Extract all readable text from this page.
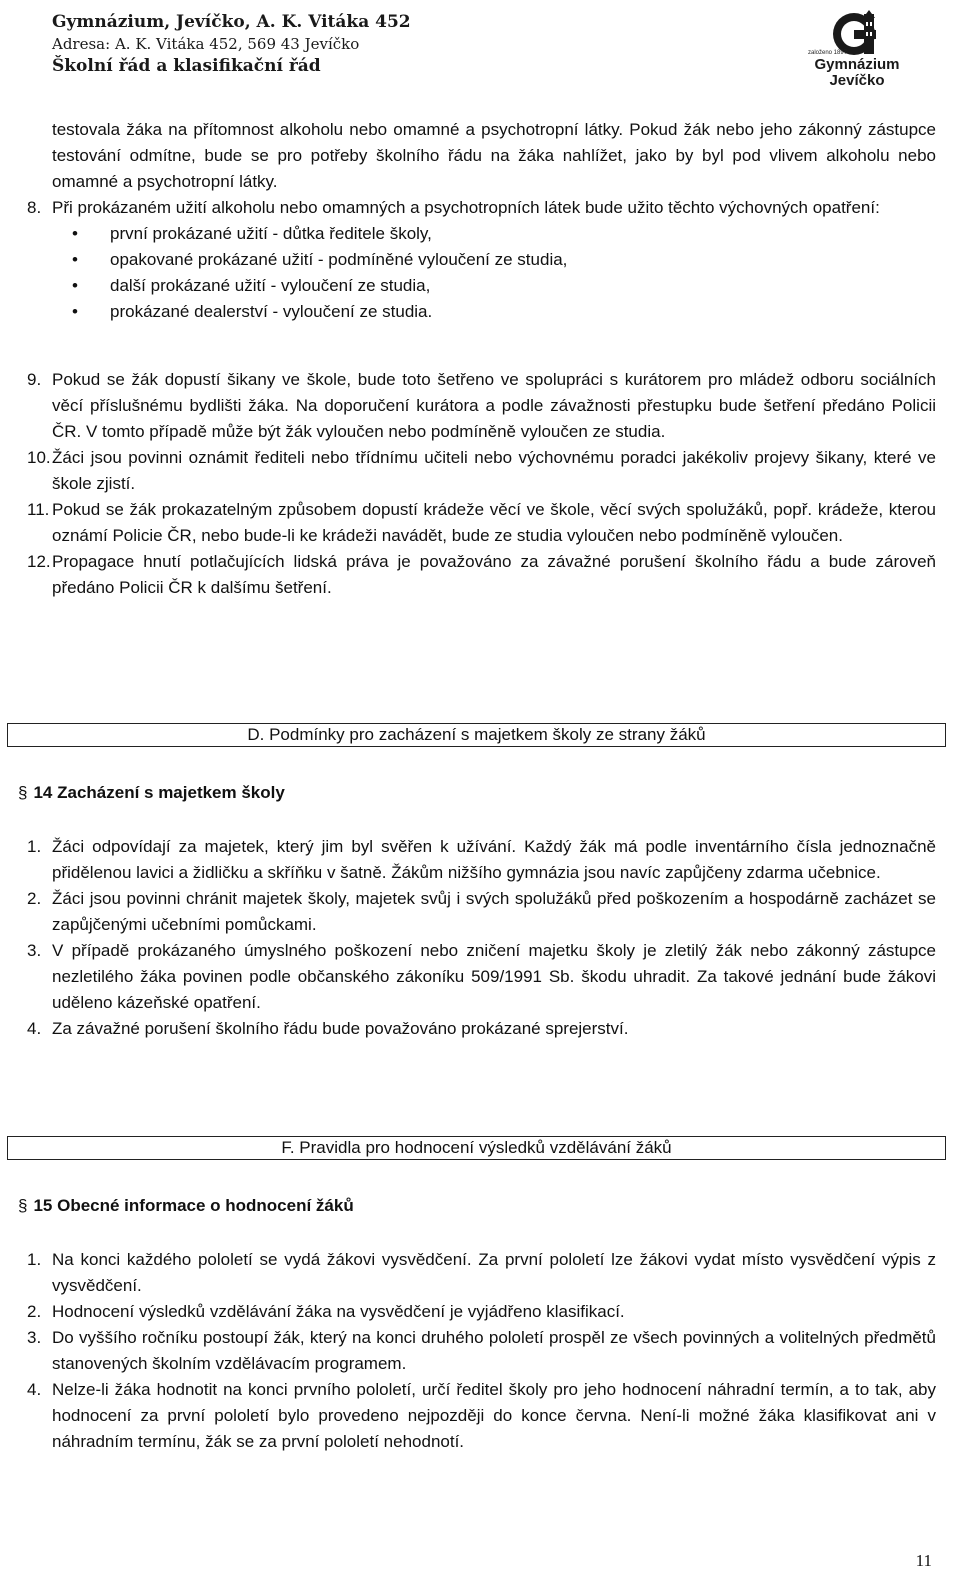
Gymnázium, Jevíčko, A. K. Vitáka 452
Adresa: A. K. Vitáka 452, 569 43 Jevíčko
Školní řád a klasifikační řád
založeno 1897
Gymnázium
Jevíčko
testovala žáka na přítomnost alkoholu nebo omamné a psychotropní látky. Pokud žák nebo jeho zákonný zástupce testování odmítne, bude se pro potřeby školního řádu na žáka nahlížet, jako by byl pod vlivem alkoholu nebo omamné a psychotropní látky.
8. Při prokázaném užití alkoholu nebo omamných a psychotropních látek bude užito těchto výchovných opatření:
• první prokázané užití - důtka ředitele školy,
• opakované prokázané užití - podmíněné vyloučení ze studia,
• další prokázané užití - vyloučení ze studia,
• prokázané dealerství - vyloučení ze studia.
9. Pokud se žák dopustí šikany ve škole, bude toto šetřeno ve spolupráci s kurátorem pro mládež odboru sociálních věcí příslušnému bydlišti žáka. Na doporučení kurátora a podle závažnosti přestupku bude šetření předáno Policii ČR. V tomto případě může být žák vyloučen nebo podmíněně vyloučen ze studia.
10.Žáci jsou povinni oznámit řediteli nebo třídnímu učiteli nebo výchovnému poradci jakékoliv projevy šikany, které ve škole zjistí.
11. Pokud se žák prokazatelným způsobem dopustí krádeže věcí ve škole, věcí svých spolužáků, popř. krádeže, kterou oznámí Policie ČR, nebo bude-li ke krádeži navádět, bude ze studia vyloučen nebo podmíněně vyloučen.
12.Propagace hnutí potlačujících lidská práva je považováno za závažné porušení školního řádu a bude zároveň předáno Policii ČR k dalšímu šetření.
D. Podmínky pro zacházení s majetkem školy ze strany žáků
§ 14 Zacházení s majetkem školy
1. Žáci odpovídají za majetek, který jim byl svěřen k užívání. Každý žák má podle inventárního čísla jednoznačně přidělenou lavici a židličku a skříňku v šatně. Žákům nižšího gymnázia jsou navíc zapůjčeny zdarma učebnice.
2. Žáci jsou povinni chránit majetek školy, majetek svůj i svých spolužáků před poškozením a hospodárně zacházet se zapůjčenými učebními pomůckami.
3. V případě prokázaného úmyslného poškození nebo zničení majetku školy je zletilý žák nebo zákonný zástupce nezletilého žáka povinen podle občanského zákoníku 509/1991 Sb. škodu uhradit. Za takové jednání bude žákovi uděleno kázeňské opatření.
4. Za závažné porušení školního řádu bude považováno prokázané sprejerství.
F. Pravidla pro hodnocení výsledků vzdělávání žáků
§ 15 Obecné informace o hodnocení žáků
1. Na konci každého pololetí se vydá žákovi vysvědčení. Za první pololetí lze žákovi vydat místo vysvědčení výpis z vysvědčení.
2. Hodnocení výsledků vzdělávání žáka na vysvědčení je vyjádřeno klasifikací.
3. Do vyššího ročníku postoupí žák, který na konci druhého pololetí prospěl ze všech povinných a volitelných předmětů stanovených školním vzdělávacím programem.
4. Nelze-li žáka hodnotit na konci prvního pololetí, určí ředitel školy pro jeho hodnocení náhradní termín, a to tak, aby hodnocení za první pololetí bylo provedeno nejpozději do konce června. Není-li možné žáka klasifikovat ani v náhradním termínu, žák se za první pololetí nehodnotí.
11
